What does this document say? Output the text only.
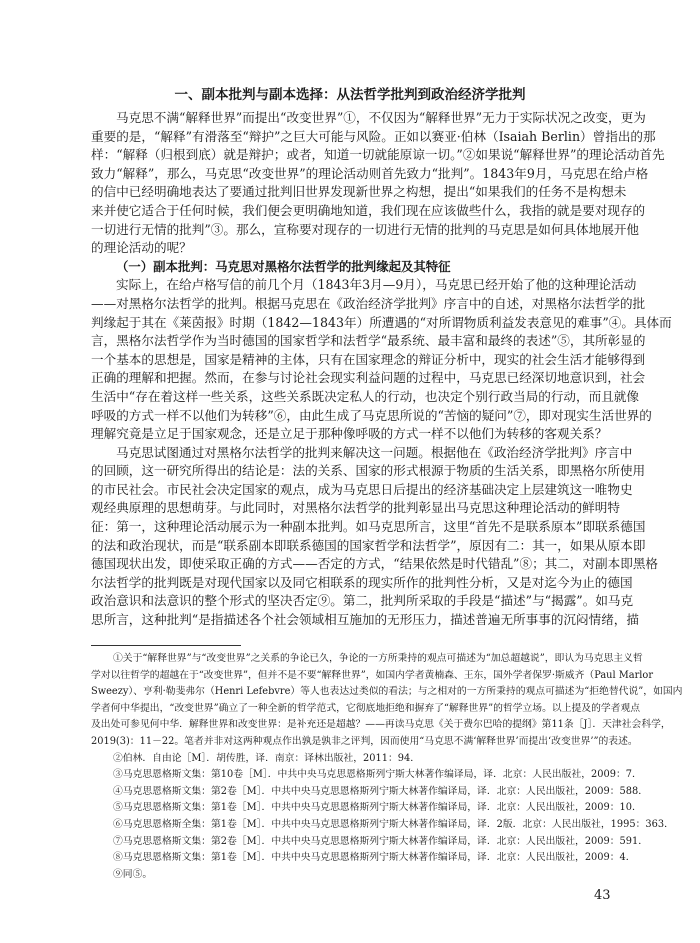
一、副本批判与副本选择：从法哲学批判到政治经济学批判
马克思不满“解释世界”而提出“改变世界”①，不仅因为“解释世界”无力于实际状况之改变，更为
重要的是，“解释”有滑落至“辩护”之巨大可能与风险。正如以赛亚·伯林（Isaiah Berlin）曾指出的那
样：“解释（归根到底）就是辩护；或者，知道一切就能原谅一切。”②如果说“解释世界”的理论活动首先
致力“解释”，那么，马克思“改变世界”的理论活动则首先致力“批判”。1843年9月，马克思在给卢格
的信中已经明确地表达了要通过批判旧世界发现新世界之构想，提出“如果我们的任务不是构想未
来并使它适合于任何时候，我们便会更明确地知道，我们现在应该做些什么，我指的就是要对现存的
一切进行无情的批判”③。那么，宣称要对现存的一切进行无情的批判的马克思是如何具体地展开他
的理论活动的呢？
（一）副本批判：马克思对黑格尔法哲学的批判缘起及其特征
实际上，在给卢格写信的前几个月（1843年3月—9月），马克思已经开始了他的这种理论活动
——对黑格尔法哲学的批判。根据马克思在《政治经济学批判》序言中的自述，对黑格尔法哲学的批
判缘起于其在《莱茵报》时期（1842—1843年）所遭遇的“对所谓物质利益发表意见的难事”④。具体而
言，黑格尔法哲学作为当时德国的国家哲学和法哲学“最系统、最丰富和最终的表述”⑤，其所彰显的
一个基本的思想是，国家是精神的主体，只有在国家理念的辩证分析中，现实的社会生活才能够得到
正确的理解和把握。然而，在参与讨论社会现实利益问题的过程中，马克思已经深切地意识到，社会
生活中“存在着这样一些关系，这些关系既决定私人的行动，也决定个别行政当局的行动，而且就像
呼吸的方式一样不以他们为转移”⑥，由此生成了马克思所说的“苦恼的疑问”⑦，即对现实生活世界的
理解究竟是立足于国家观念，还是立足于那种像呼吸的方式一样不以他们为转移的客观关系？
马克思试图通过对黑格尔法哲学的批判来解决这一问题。根据他在《政治经济学批判》序言中
的回顾，这一研究所得出的结论是：法的关系、国家的形式根源于物质的生活关系，即黑格尔所使用
的市民社会。市民社会决定国家的观点，成为马克思日后提出的经济基础决定上层建筑这一唯物史
观经典原理的思想萌芽。与此同时，对黑格尔法哲学的批判彰显出马克思这种理论活动的鲜明特
征：第一，这种理论活动展示为一种副本批判。如马克思所言，这里“首先不是联系原本”即联系德国
的法和政治现状，而是“联系副本即联系德国的国家哲学和法哲学”，原因有二：其一，如果从原本即
德国现状出发，即使采取正确的方式——否定的方式，“结果依然是时代错乱”⑧；其二，对副本即黑格
尔法哲学的批判既是对现代国家以及同它相联系的现实所作的批判性分析，又是对迄今为止的德国
政治意识和法意识的整个形式的坚决否定⑨。第二，批判所采取的手段是“描述”与“揭露”。如马克
思所言，这种批判“是指描述各个社会领域相互施加的无形压力，描述普遍无所事事的沉闷情绪，描
①关于“解释世界”与“改变世界”之关系的争论已久，争论的一方所秉持的观点可描述为“加总超越说”，即认为马克思主义哲
学对以往哲学的超越在于“改变世界”，但并不是不要“解释世界”，如国内学者黄楠森、王东，国外学者保罗·斯威齐（Paul Marlor
Sweezy）、亨利·勒斐弗尔（Henri Lefebvre）等人也表达过类似的看法；与之相对的一方所秉持的观点可描述为“拒绝替代说”，如国内
学者何中华提出，“改变世界”确立了一种全新的哲学范式，它彻底地拒绝和摒弃了“解释世界”的哲学立场。以上提及的学者观点
及出处可参见何中华．解释世界和改变世界：是补充还是超越？——再读马克思《关于费尔巴哈的提纲》第11条［J］．天津社会科学，
2019(3)：11－22。笔者并非对这两种观点作出孰是孰非之评判，因而使用“马克思不满‘解释世界’而提出‘改变世界’”的表述。
②伯林．自由论［M］．胡传胜，译．南京：译林出版社，2011：94．
③马克思恩格斯文集：第10卷［M］．中共中央马克思恩格斯列宁斯大林著作编译局，译．北京：人民出版社，2009：7．
④马克思恩格斯文集：第2卷［M］．中共中央马克思恩格斯列宁斯大林著作编译局，译．北京：人民出版社，2009：588．
⑤马克思恩格斯文集：第1卷［M］．中共中央马克思恩格斯列宁斯大林著作编译局，译．北京：人民出版社，2009：10．
⑥马克思恩格斯全集：第1卷［M］．中共中央马克思恩格斯列宁斯大林著作编译局，译．2版．北京：人民出版社，1995：363．
⑦马克思恩格斯文集：第2卷［M］．中共中央马克思恩格斯列宁斯大林著作编译局，译．北京：人民出版社，2009：591．
⑧马克思恩格斯文集：第1卷［M］．中共中央马克思恩格斯列宁斯大林著作编译局，译．北京：人民出版社，2009：4．
⑨同⑤。
43
